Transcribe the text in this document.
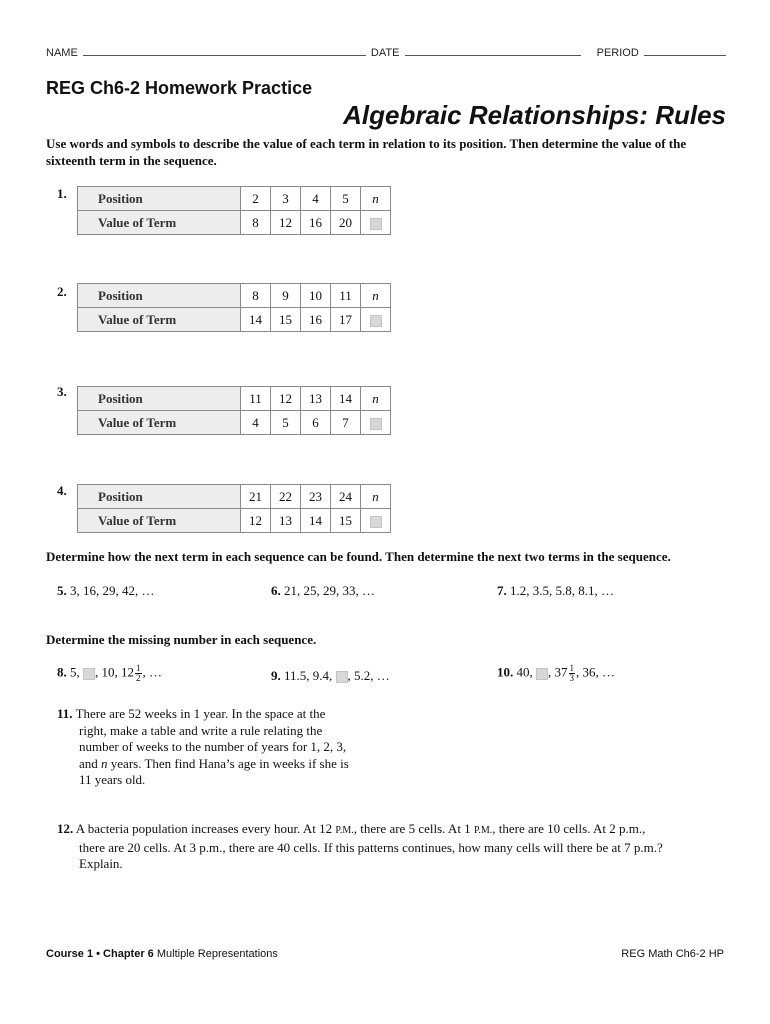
NAME	DATE	PERIOD
REG Ch6-2 Homework Practice
Algebraic Relationships: Rules
Use words and symbols to describe the value of each term in relation to its position. Then determine the value of the sixteenth term in the sequence.
1. Position	2	3	4	5	n
Value of Term	8	12	16	20	
2. Position	8	9	10	11	n
Value of Term	14	15	16	17	
3. Position	11	12	13	14	n
Value of Term	4	5	6	7	
4. Position	21	22	23	24	n
Value of Term	12	13	14	15	
Determine how the next term in each sequence can be found. Then determine the next two terms in the sequence.
5. 3, 16, 29, 42, …	6. 21, 25, 29, 33, …	7. 1.2, 3.5, 5.8, 8.1, …
Determine the missing number in each sequence.
8. 5, , 10, $12 \frac{1}{2}$ , …	9. 11.5, 9.4, , 5.2, …	10. 40, , $37 \frac{1}{3}$ , 36, …
11. There are 52 weeks in 1 year. In the space at the
right, make a table and write a rule relating the
number of weeks to the number of years for 1, 2, 3,
and n years. Then find Hana’s age in weeks if she is
11 years old.
12. A bacteria population increases every hour. At 12 P.M., there are 5 cells. At 1 P.M., there are 10 cells. At 2 p.m.,
there are 20 cells. At 3 p.m., there are 40 cells. If this patterns continues, how many cells will there be at 7 p.m.?
Explain.
Course 1 • Chapter 6 Multiple Representations	REG Math Ch6-2 HP
